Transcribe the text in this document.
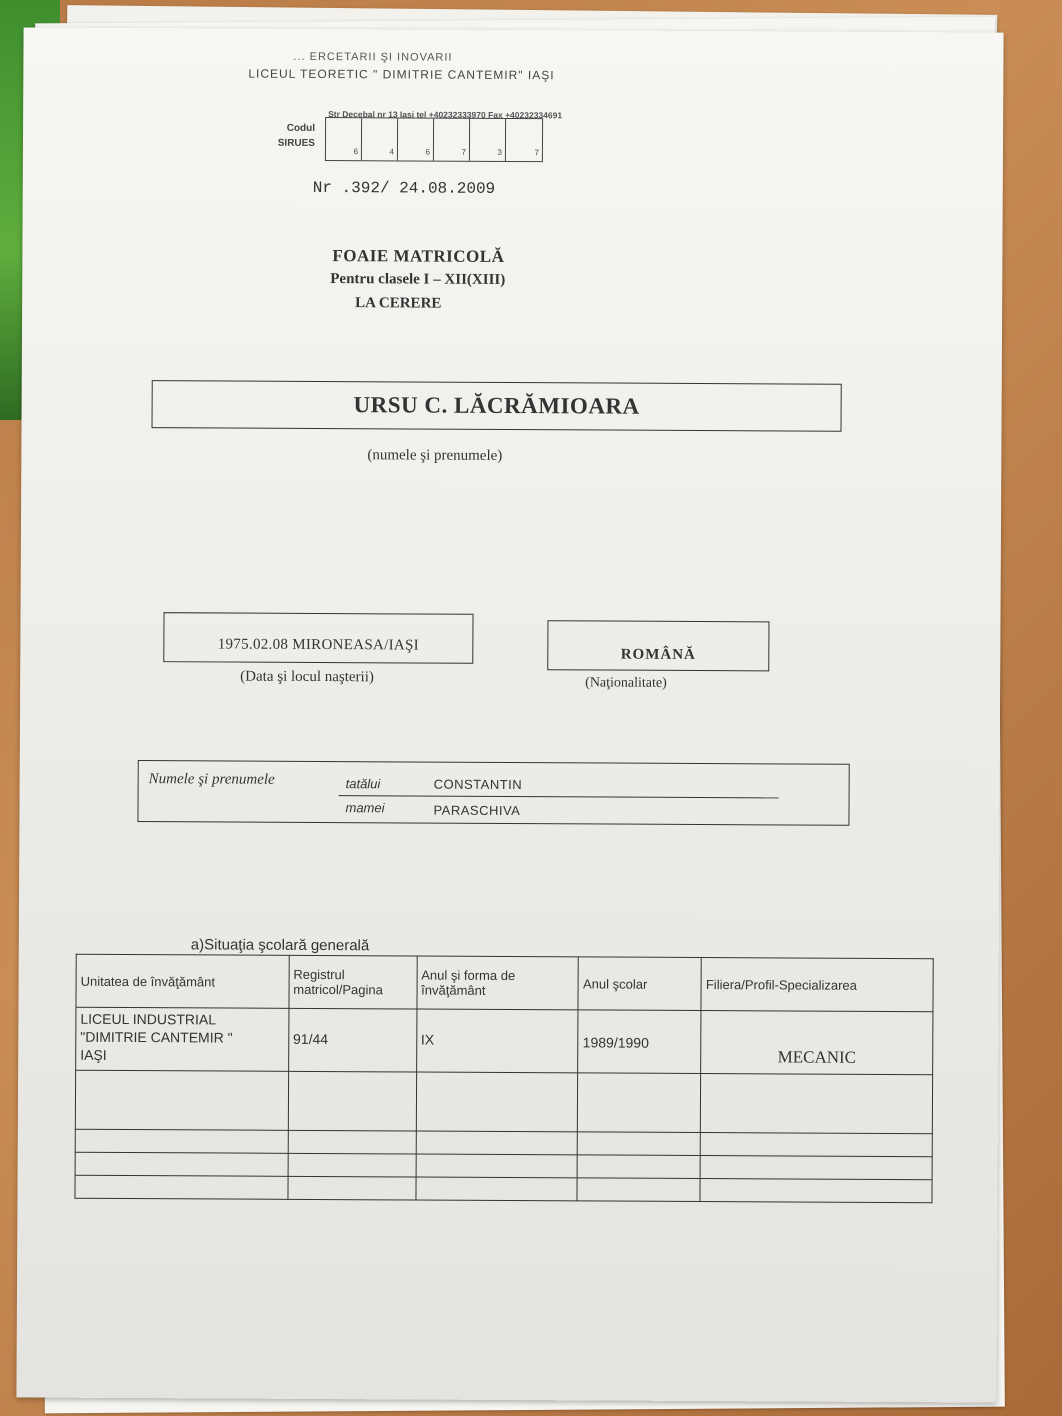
... ERCETARII ŞI INOVARII
LICEUL TEORETIC " DIMITRIE CANTEMIR" IAŞI
Str Decebal nr 13 Iasi tel +40232333970 Fax +40232334691
Codul
SIRUES
6	4	6	7	3	7
Nr .392/ 24.08.2009
FOAIE MATRICOLĂ
Pentru clasele I – XII(XIII)
LA CERERE
URSU C. LĂCRĂMIOARA
(numele şi prenumele)
1975.02.08 MIRONEASA/IAŞI
(Data şi locul naşterii)
ROMÂNĂ
(Naţionalitate)
Numele şi prenumele	tatălui	CONSTANTIN
mamei	PARASCHIVA
a)Situaţia şcolară generală
Unitatea de învăţământ	Registrul matricol/Pagina	Anul şi forma de învăţământ	Anul şcolar	Filiera/Profil-Specializarea

LICEUL INDUSTRIAL
"DIMITRIE CANTEMIR "
IAŞI	91/44	IX	1989/1990	MECANIC
